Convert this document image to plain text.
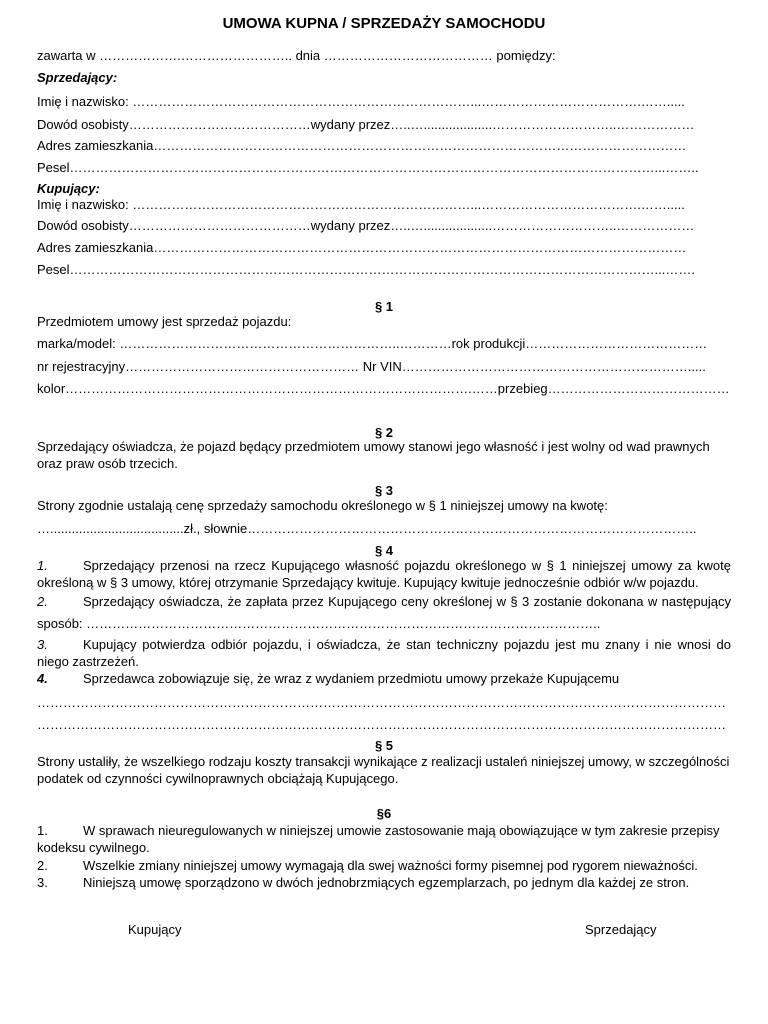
UMOWA KUPNA / SPRZEDAŻY SAMOCHODU
zawarta w ……………….…………………….. dnia ………………………………… pomiędzy:
Sprzedający:
Imię i nazwisko: ……………………………………………………………………...……………………………….…….....
Dowód osobisty……………………………………wydany przez…..…...................………………………..………………
Adres zamieszkania……………………………………………………………………………………………………………
Pesel………………………………………………………………………………………………………………………...……..
Kupujący:
Imię i nazwisko: ……………………………………………………………………...……………………………….…….....
Dowód osobisty……………………………………wydany przez…..…...................………………………..………………
Adres zamieszkania……………………………………………………………………………………………………………
Pesel………………………………………………………………………………………………………………………...…….
§ 1
Przedmiotem umowy jest sprzedaż pojazdu:
marka/model: ………………………………………………………..…………rok produkcji……………………………………
nr rejestracyjny……………………………………………… Nr VIN………………………………………………………….....
kolor………………………………………………………………………………….……przebieg……………………………………
§ 2
Sprzedający oświadcza, że pojazd będący przedmiotem umowy stanowi jego własność i jest wolny od wad prawnych oraz praw osób trzecich.
§ 3
Strony zgodnie ustalają cenę sprzedaży samochodu określonego w § 1 niniejszej umowy na kwotę:
….....................................zł., słownie…………………………………………………………………………………………..
§ 4
1.	Sprzedający przenosi na rzecz Kupującego własność pojazdu określonego w § 1 niniejszej umowy za kwotę określoną w § 3 umowy, której otrzymanie Sprzedający kwituje. Kupujący kwituje jednocześnie odbiór w/w pojazdu.
2.	Sprzedający oświadcza, że zapłata przez Kupującego ceny określonej w § 3 zostanie dokonana w następujący sposób: ………………………………………………………………………………………………………..
3.	Kupujący potwierdza odbiór pojazdu, i oświadcza, że stan techniczny pojazdu jest mu znany i nie wnosi do niego zastrzeżeń.
4.	Sprzedawca zobowiązuje się, że wraz z wydaniem przedmiotu umowy przekaże Kupującemu
……………………………………………………………………………………………………………………………………………
……………………………………………………………………………………………………………………………………………
§ 5
Strony ustaliły, że wszelkiego rodzaju koszty transakcji wynikające z realizacji ustaleń niniejszej umowy, w szczególności podatek od czynności cywilnoprawnych obciążają Kupującego.
§6
1.	W sprawach nieuregulowanych w niniejszej umowie zastosowanie mają obowiązujące w tym zakresie przepisy kodeksu cywilnego.
2.	Wszelkie zmiany niniejszej umowy wymagają dla swej ważności formy pisemnej pod rygorem nieważności.
3.	Niniejszą umowę sporządzono w dwóch jednobrzmiących egzemplarzach, po jednym dla każdej ze stron.
Kupujący	Sprzedający
